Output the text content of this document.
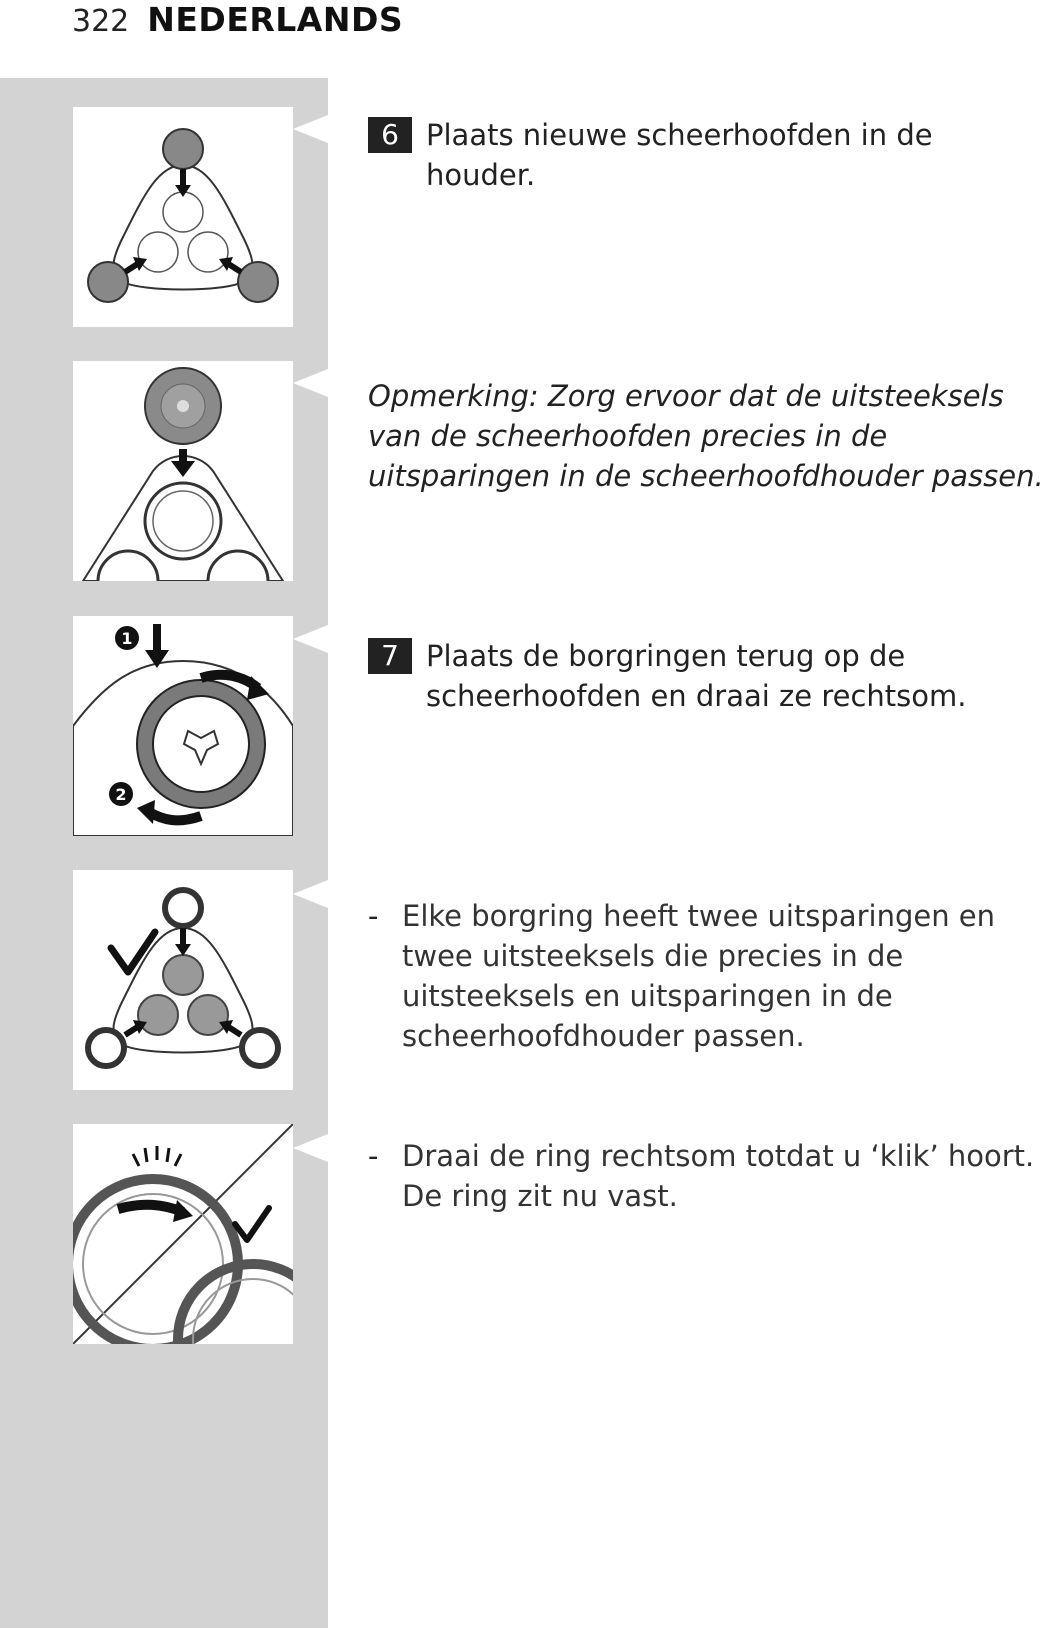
322 NEDERLANDS
1
2
6 Plaats nieuwe scheerhoofden in de houder.
Opmerking: Zorg ervoor dat de uitsteeksels van de scheerhoofden precies in de uitsparingen in de scheerhoofdhouder passen.
7 Plaats de borgringen terug op de scheerhoofden en draai ze rechtsom.
- Elke borgring heeft twee uitsparingen en twee uitsteeksels die precies in de uitsteeksels en uitsparingen in de scheerhoofdhouder passen.
- Draai de ring rechtsom totdat u ‘klik’ hoort. De ring zit nu vast.
